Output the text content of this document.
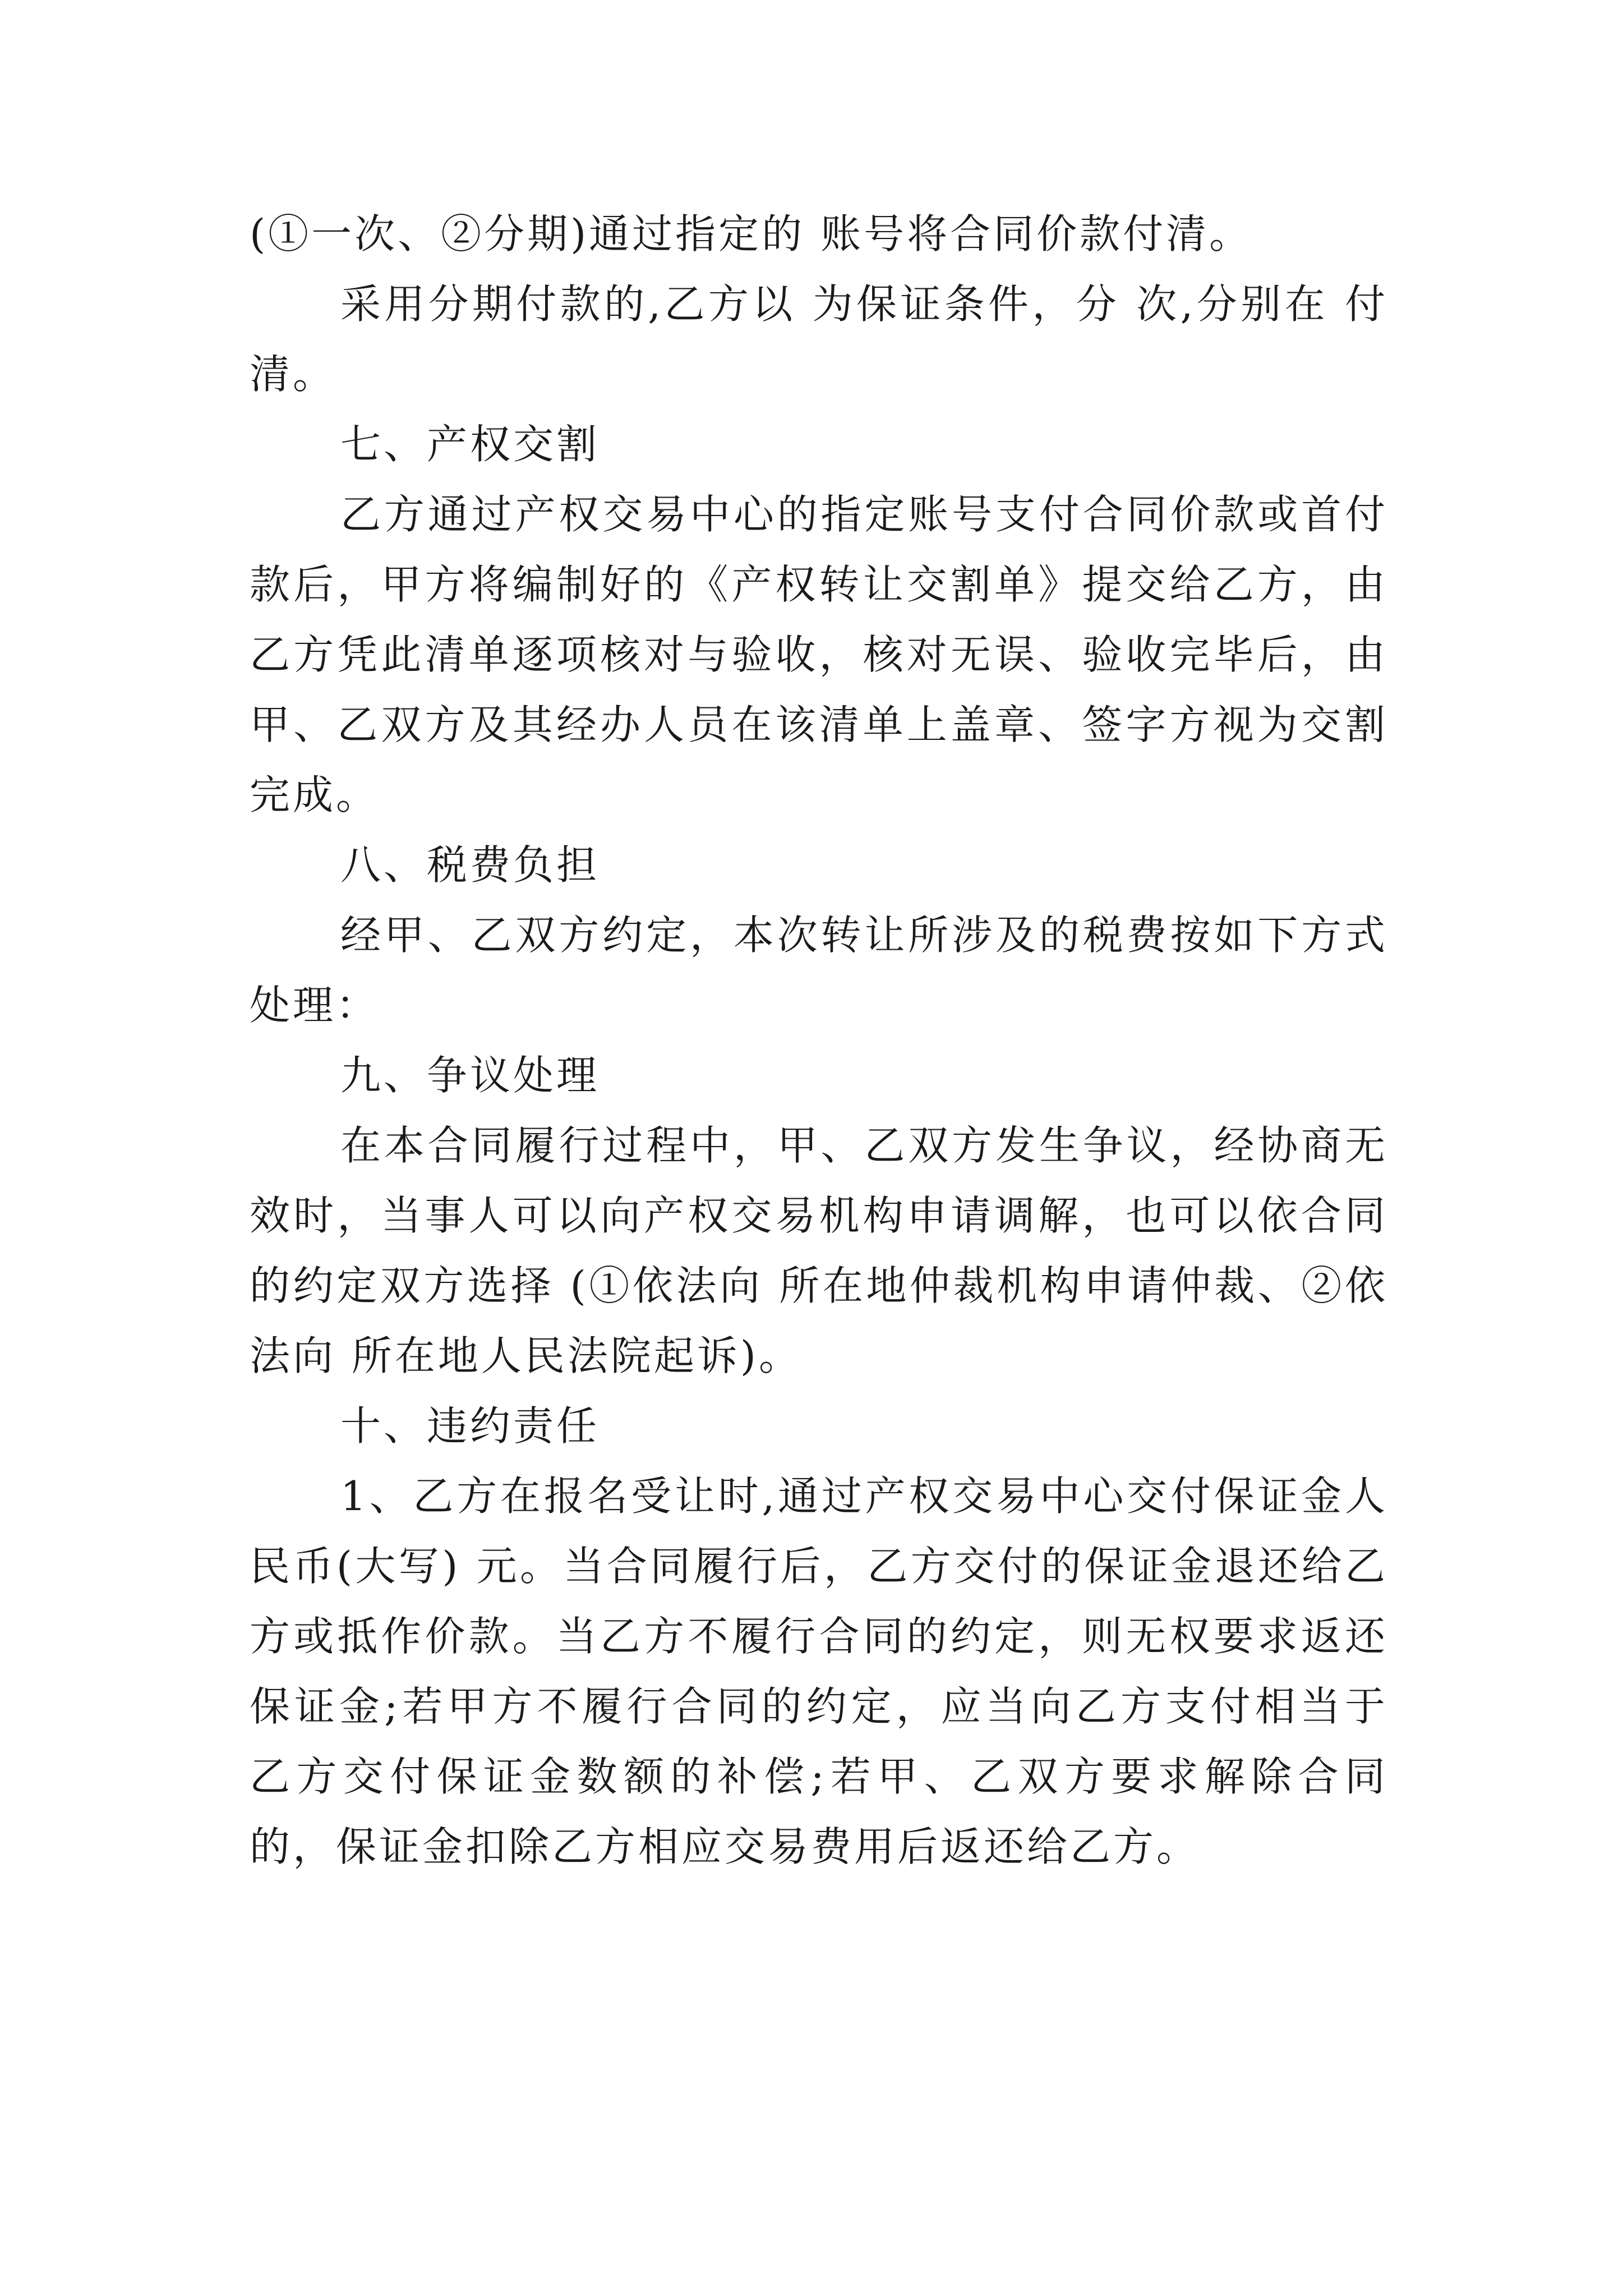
(①一次、②分期)通过指定的 账号将合同价款付清。

采用分期付款的,乙方以 为保证条件，分 次,分别在 付清。

七、产权交割

乙方通过产权交易中心的指定账号支付合同价款或首付款后，甲方将编制好的《产权转让交割单》提交给乙方，由乙方凭此清单逐项核对与验收，核对无误、验收完毕后，由甲、乙双方及其经办人员在该清单上盖章、签字方视为交割完成。

八、税费负担

经甲、乙双方约定，本次转让所涉及的税费按如下方式处理：

九、争议处理

在本合同履行过程中，甲、乙双方发生争议，经协商无效时，当事人可以向产权交易机构申请调解，也可以依合同的约定双方选择 (①依法向 所在地仲裁机构申请仲裁、②依法向 所在地人民法院起诉)。

十、违约责任

1、乙方在报名受让时,通过产权交易中心交付保证金人民币(大写) 元。当合同履行后，乙方交付的保证金退还给乙方或抵作价款。当乙方不履行合同的约定，则无权要求返还保证金;若甲方不履行合同的约定，应当向乙方支付相当于乙方交付保证金数额的补偿;若甲、乙双方要求解除合同的，保证金扣除乙方相应交易费用后返还给乙方。
